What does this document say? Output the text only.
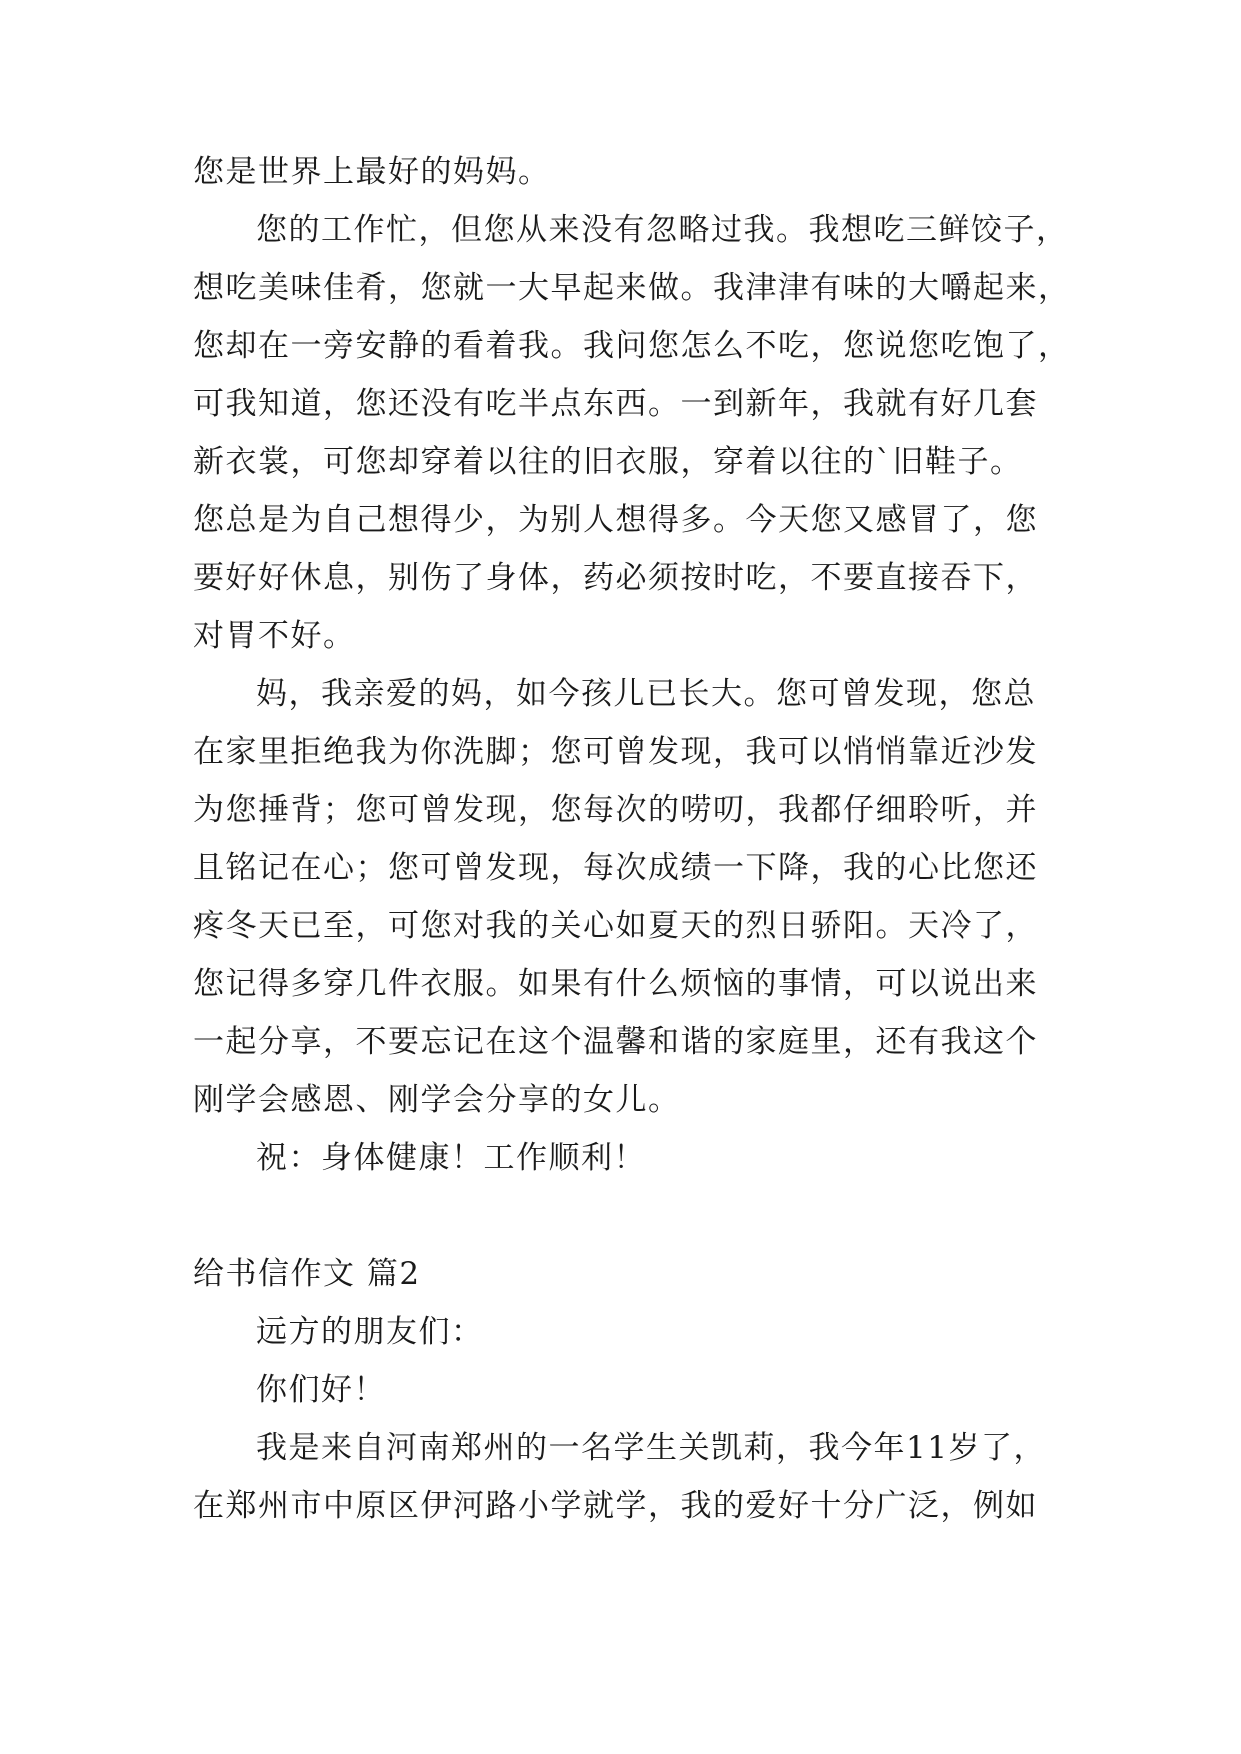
您是世界上最好的妈妈。
您的工作忙，但您从来没有忽略过我。我想吃三鲜饺子，
想吃美味佳肴，您就一大早起来做。我津津有味的大嚼起来，
您却在一旁安静的看着我。我问您怎么不吃，您说您吃饱了，
可我知道，您还没有吃半点东西。一到新年，我就有好几套
新衣裳，可您却穿着以往的旧衣服，穿着以往的`旧鞋子。
您总是为自己想得少，为别人想得多。今天您又感冒了，您
要好好休息，别伤了身体，药必须按时吃，不要直接吞下，
对胃不好。
妈，我亲爱的妈，如今孩儿已长大。您可曾发现，您总
在家里拒绝我为你洗脚；您可曾发现，我可以悄悄靠近沙发
为您捶背；您可曾发现，您每次的唠叨，我都仔细聆听，并
且铭记在心；您可曾发现，每次成绩一下降，我的心比您还
疼冬天已至，可您对我的关心如夏天的烈日骄阳。天冷了，
您记得多穿几件衣服。如果有什么烦恼的事情，可以说出来
一起分享，不要忘记在这个温馨和谐的家庭里，还有我这个
刚学会感恩、刚学会分享的女儿。
祝：身体健康！工作顺利！
给书信作文 篇2
远方的朋友们：
你们好！
我是来自河南郑州的一名学生关凯莉，我今年11岁了，
在郑州市中原区伊河路小学就学，我的爱好十分广泛，例如
